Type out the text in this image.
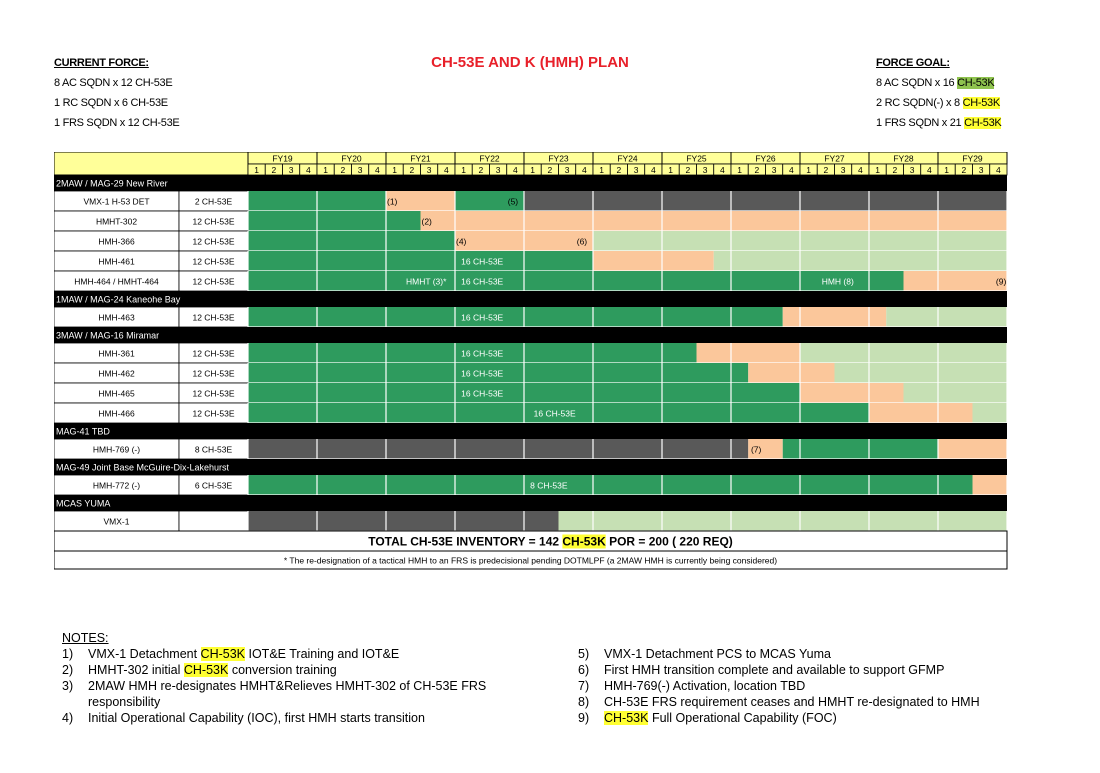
CURRENT FORCE:
8 AC SQDN x 12 CH-53E
1 RC SQDN x 6 CH-53E
1 FRS SQDN x 12 CH-53E
CH-53E AND K (HMH) PLAN	FORCE GOAL:
8 AC SQDN x 16 CH-53K
2 RC SQDN(-) x 8 CH-53K
1 FRS SQDN x 21 CH-53K
FY19
1 2 3 4
FY20
1 2 3 4
FY21
1 2 3 4
FY22
1 2 3 4
FY23
1 2 3 4
FY24
1 2 3 4
FY25
1 2 3 4
FY26
1 2 3 4
FY27
1 2 3 4
FY28
1 2 3 4
FY29
1 2 3 4
2MAW / MAG-29 New River
VMX-1 H-53 DET	2 CH-53E	(1)	(5)
HMHT-302	12 CH-53E	(2)
HMH-366	12 CH-53E	(4)	(6)
HMH-461	12 CH-53E	16 CH-53E
HMH-464 / HMHT-464	12 CH-53E	HMHT (3)* 16 CH-53E	HMH (8)	(9)
1MAW / MAG-24 Kaneohe Bay
HMH-463	12 CH-53E	16 CH-53E
3MAW / MAG-16 Miramar
HMH-361	12 CH-53E	16 CH-53E
HMH-462	12 CH-53E	16 CH-53E
HMH-465	12 CH-53E	16 CH-53E
HMH-466	12 CH-53E	16 CH-53E
MAG-41 TBD
HMH-769 (-)	8 CH-53E	(7)
MAG-49 Joint Base McGuire-Dix-Lakehurst
HMH-772 (-)	6 CH-53E	8 CH-53E
MCAS YUMA
VMX-1
TOTAL CH-53E INVENTORY = 142 CH-53K POR = 200 ( 220 REQ)
* The re-designation of a tactical HMH to an FRS is predecisional pending DOTMLPF (a 2MAW HMH is currently being considered)
NOTES:
1)	VMX-1 Detachment CH-53K IOT&E Training and IOT&E
2)	HMHT-302 initial CH-53K conversion training
3)	2MAW HMH re-designates HMHT&Relieves HMHT-302 of CH-53E FRS responsibility
4)	Initial Operational Capability (IOC), first HMH starts transition
5)	VMX-1 Detachment PCS to MCAS Yuma
6)	First HMH transition complete and available to support GFMP
7)	HMH-769(-) Activation, location TBD
8)	CH-53E FRS requirement ceases and HMHT re-designated to HMH
9)	CH-53K Full Operational Capability (FOC)
